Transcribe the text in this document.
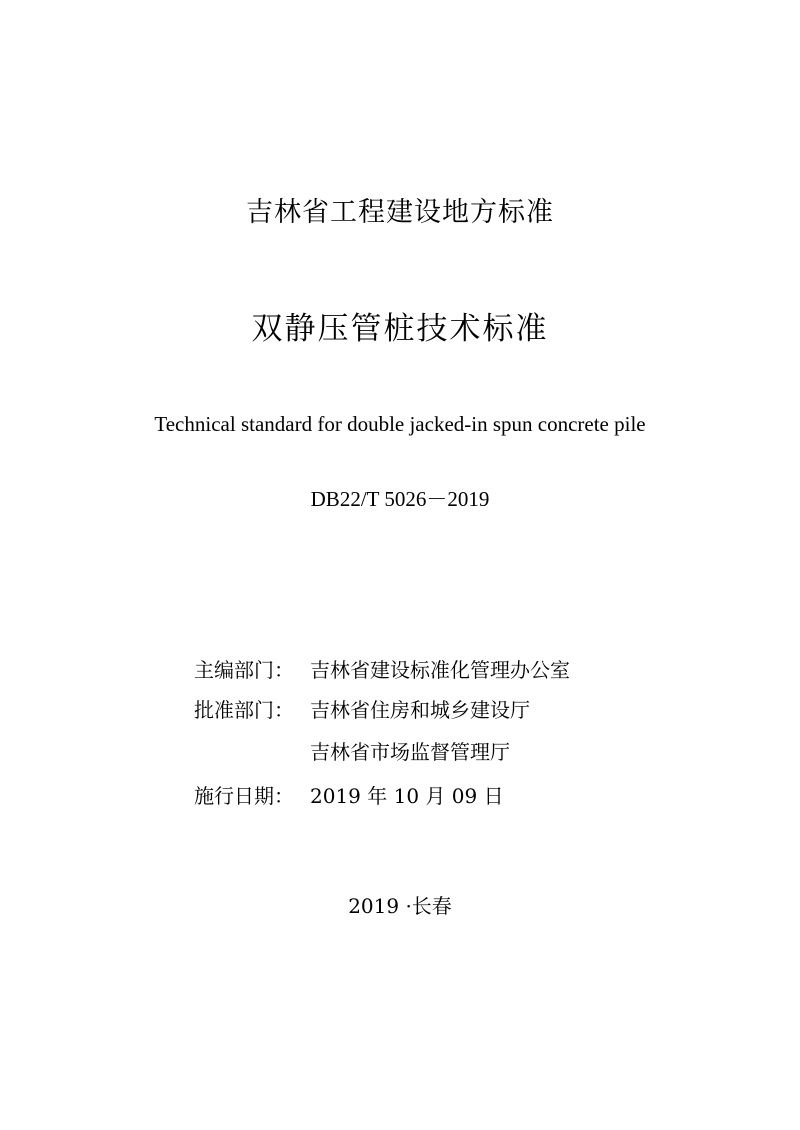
吉林省工程建设地方标准
双静压管桩技术标准
Technical standard for double jacked-in spun concrete pile
DB22/T 5026－2019
主编部门： 吉林省建设标准化管理办公室
批准部门： 吉林省住房和城乡建设厅
吉林省市场监督管理厅
施行日期： 2019 年 10 月 09 日
2019 ·长春
